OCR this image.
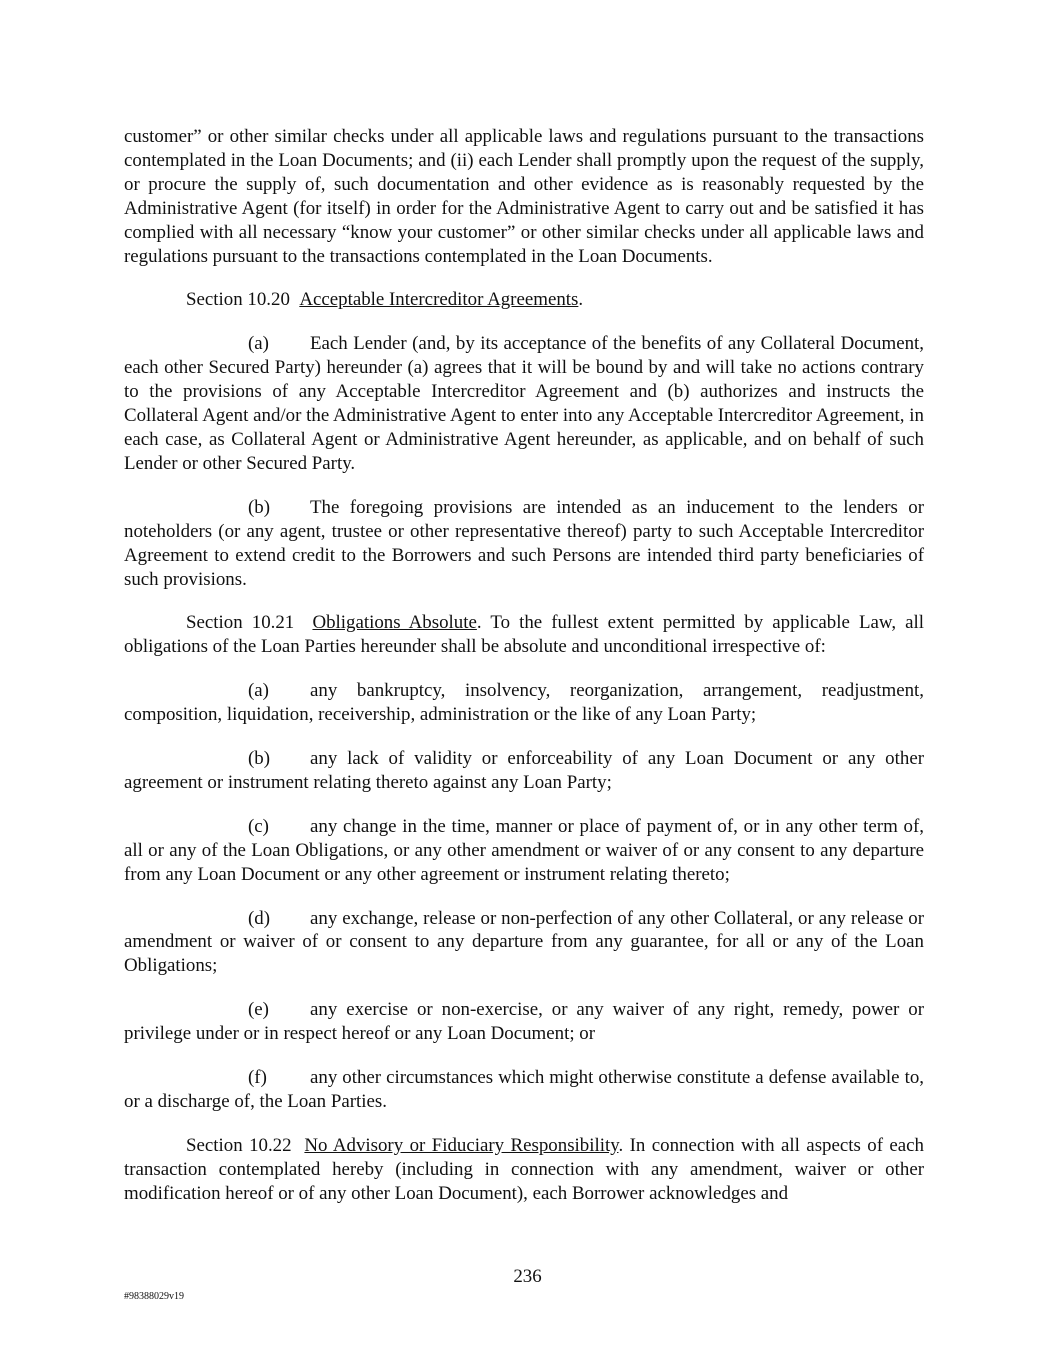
customer” or other similar checks under all applicable laws and regulations pursuant to the transactions contemplated in the Loan Documents; and (ii) each Lender shall promptly upon the request of the supply, or procure the supply of, such documentation and other evidence as is reasonably requested by the Administrative Agent (for itself) in order for the Administrative Agent to carry out and be satisfied it has complied with all necessary “know your customer” or other similar checks under all applicable laws and regulations pursuant to the transactions contemplated in the Loan Documents.

Section 10.20 Acceptable Intercreditor Agreements.

(a) Each Lender (and, by its acceptance of the benefits of any Collateral Document, each other Secured Party) hereunder (a) agrees that it will be bound by and will take no actions contrary to the provisions of any Acceptable Intercreditor Agreement and (b) authorizes and instructs the Collateral Agent and/or the Administrative Agent to enter into any Acceptable Intercreditor Agreement, in each case, as Collateral Agent or Administrative Agent hereunder, as applicable, and on behalf of such Lender or other Secured Party.

(b) The foregoing provisions are intended as an inducement to the lenders or noteholders (or any agent, trustee or other representative thereof) party to such Acceptable Intercreditor Agreement to extend credit to the Borrowers and such Persons are intended third party beneficiaries of such provisions.

Section 10.21 Obligations Absolute. To the fullest extent permitted by applicable Law, all obligations of the Loan Parties hereunder shall be absolute and unconditional irrespective of:

(a) any bankruptcy, insolvency, reorganization, arrangement, readjustment, composition, liquidation, receivership, administration or the like of any Loan Party;

(b) any lack of validity or enforceability of any Loan Document or any other agreement or instrument relating thereto against any Loan Party;

(c) any change in the time, manner or place of payment of, or in any other term of, all or any of the Loan Obligations, or any other amendment or waiver of or any consent to any departure from any Loan Document or any other agreement or instrument relating thereto;

(d) any exchange, release or non-perfection of any other Collateral, or any release or amendment or waiver of or consent to any departure from any guarantee, for all or any of the Loan Obligations;

(e) any exercise or non-exercise, or any waiver of any right, remedy, power or privilege under or in respect hereof or any Loan Document; or

(f) any other circumstances which might otherwise constitute a defense available to, or a discharge of, the Loan Parties.

Section 10.22 No Advisory or Fiduciary Responsibility. In connection with all aspects of each transaction contemplated hereby (including in connection with any amendment, waiver or other modification hereof or of any other Loan Document), each Borrower acknowledges and

236
#98388029v19
